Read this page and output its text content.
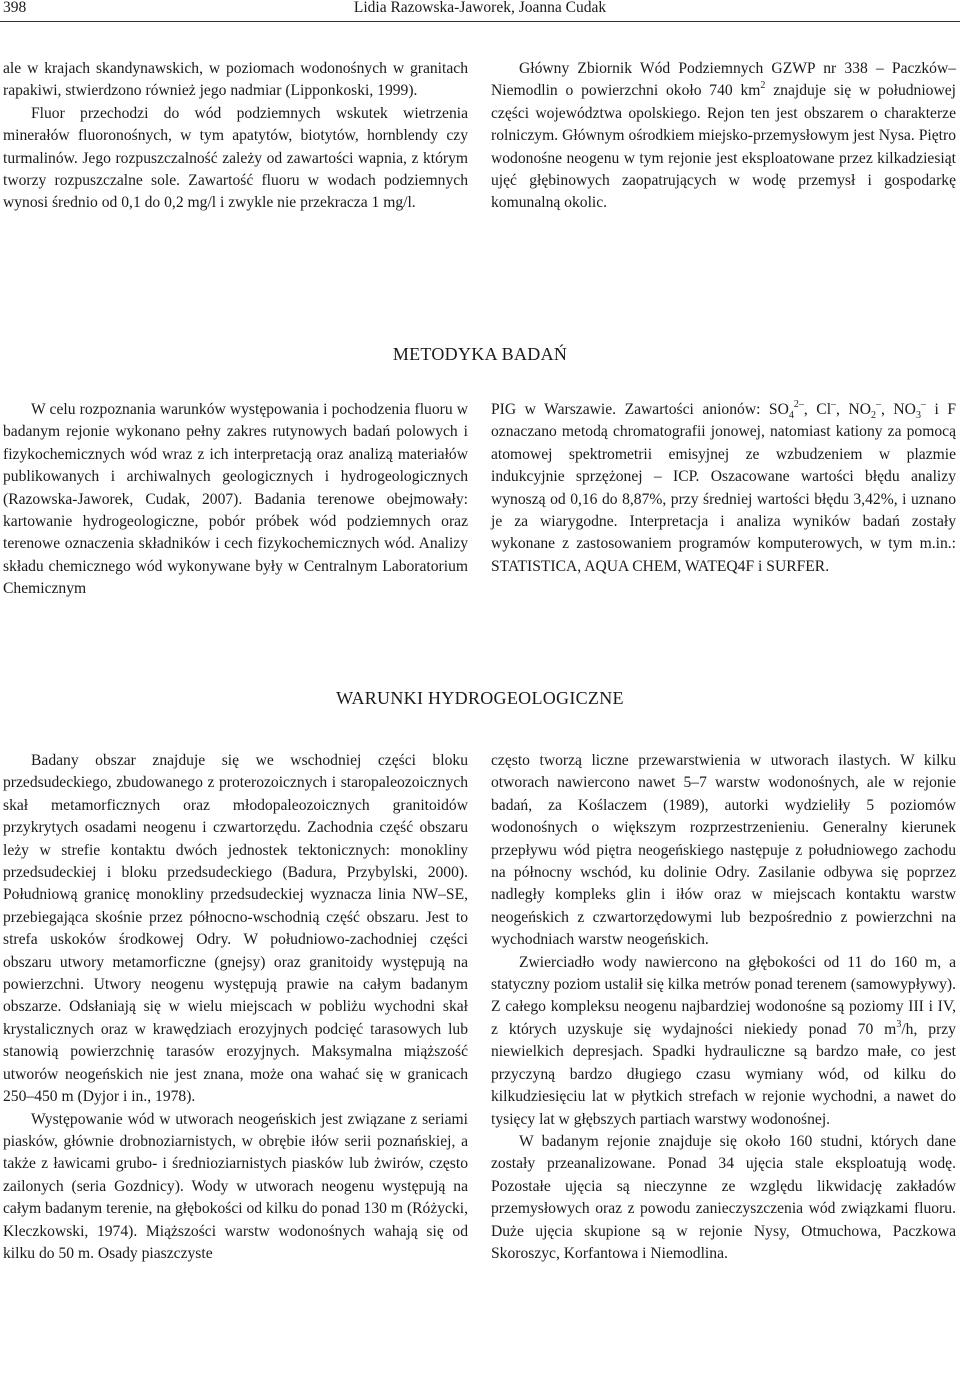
398	Lidia Razowska-Jaworek, Joanna Cudak

ale w krajach skandynawskich, w poziomach wodonośnych w granitach rapakiwi, stwierdzono również jego nadmiar (Lipponkoski, 1999).

Fluor przechodzi do wód podziemnych wskutek wietrzenia minerałów fluoronośnych, w tym apatytów, biotytów, hornblendy czy turmalinów. Jego rozpuszczalność zależy od zawartości wapnia, z którym tworzy rozpuszczalne sole. Zawartość fluoru w wodach podziemnych wynosi średnio od 0,1 do 0,2 mg/l i zwykle nie przekracza 1 mg/l.

Główny Zbiornik Wód Podziemnych GZWP nr 338 – Paczków–Niemodlin o powierzchni około 740 $km^2$ znajduje się w południowej części województwa opolskiego. Rejon ten jest obszarem o charakterze rolniczym. Głównym ośrodkiem miejsko-przemysłowym jest Nysa. Piętro wodonośne neogenu w tym rejonie jest eksploatowane przez kilkadziesiąt ujęć głębinowych zaopatrujących w wodę przemysł i gospodarkę komunalną okolic.

METODYKA BADAŃ

W celu rozpoznania warunków występowania i pochodzenia fluoru w badanym rejonie wykonano pełny zakres rutynowych badań polowych i fizykochemicznych wód wraz z ich interpretacją oraz analizą materiałów publikowanych i archiwalnych geologicznych i hydrogeologicznych (Razowska-Jaworek, Cudak, 2007). Badania terenowe obejmowały: kartowanie hydrogeologiczne, pobór próbek wód podziemnych oraz terenowe oznaczenia składników i cech fizykochemicznych wód. Analizy składu chemicznego wód wykonywane były w Centralnym Laboratorium Chemicznym

PIG w Warszawie. Zawartości anionów: $SO_4^{2-}$, Cl–, $NO_2^-$, $NO_3^-$ i F oznaczano metodą chromatografii jonowej, natomiast kationy za pomocą atomowej spektrometrii emisyjnej ze wzbudzeniem w plazmie indukcyjnie sprzężonej – ICP. Oszacowane wartości błędu analizy wynoszą od 0,16 do 8,87%, przy średniej wartości błędu 3,42%, i uznano je za wiarygodne. Interpretacja i analiza wyników badań zostały wykonane z zastosowaniem programów komputerowych, w tym m.in.: STATISTICA, AQUA CHEM, WATEQ4F i SURFER.

WARUNKI HYDROGEOLOGICZNE

Badany obszar znajduje się we wschodniej części bloku przedsudeckiego, zbudowanego z proterozoicznych i staropaleozoicznych skał metamorficznych oraz młodopaleozoicznych granitoidów przykrytych osadami neogenu i czwartorzędu. Zachodnia część obszaru leży w strefie kontaktu dwóch jednostek tektonicznych: monokliny przedsudeckiej i bloku przedsudeckiego (Badura, Przybylski, 2000). Południową granicę monokliny przedsudeckiej wyznacza linia NW–SE, przebiegająca skośnie przez północno-wschodnią część obszaru. Jest to strefa uskoków środkowej Odry. W południowo-zachodniej części obszaru utwory metamorficzne (gnejsy) oraz granitoidy występują na powierzchni. Utwory neogenu występują prawie na całym badanym obszarze. Odsłaniają się w wielu miejscach w pobliżu wychodni skał krystalicznych oraz w krawędziach erozyjnych podcięć tarasowych lub stanowią powierzchnię tarasów erozyjnych. Maksymalna miąższość utworów neogeńskich nie jest znana, może ona wahać się w granicach 250–450 m (Dyjor i in., 1978).

Występowanie wód w utworach neogeńskich jest związane z seriami piasków, głównie drobnoziarnistych, w obrębie iłów serii poznańskiej, a także z ławicami grubo- i średnioziarnistych piasków lub żwirów, często zailonych (seria Gozdnicy). Wody w utworach neogenu występują na całym badanym terenie, na głębokości od kilku do ponad 130 m (Różycki, Kleczkowski, 1974). Miąższości warstw wodonośnych wahają się od kilku do 50 m. Osady piaszczyste

często tworzą liczne przewarstwienia w utworach ilastych. W kilku otworach nawiercono nawet 5–7 warstw wodonośnych, ale w rejonie badań, za Koślaczem (1989), autorki wydzieliły 5 poziomów wodonośnych o większym rozprzestrzenieniu. Generalny kierunek przepływu wód piętra neogeńskiego następuje z południowego zachodu na północny wschód, ku dolinie Odry. Zasilanie odbywa się poprzez nadległy kompleks glin i iłów oraz w miejscach kontaktu warstw neogeńskich z czwartorzędowymi lub bezpośrednio z powierzchni na wychodniach warstw neogeńskich.

Zwierciadło wody nawiercono na głębokości od 11 do 160 m, a statyczny poziom ustalił się kilka metrów ponad terenem (samowypływy). Z całego kompleksu neogenu najbardziej wodonośne są poziomy III i IV, z których uzyskuje się wydajności niekiedy ponad 70 $m^3/h$, przy niewielkich depresjach. Spadki hydrauliczne są bardzo małe, co jest przyczyną bardzo długiego czasu wymiany wód, od kilku do kilkudziesięciu lat w płytkich strefach w rejonie wychodni, a nawet do tysięcy lat w głębszych partiach warstwy wodonośnej.

W badanym rejonie znajduje się około 160 studni, których dane zostały przeanalizowane. Ponad 34 ujęcia stale eksploatują wodę. Pozostałe ujęcia są nieczynne ze względu likwidację zakładów przemysłowych oraz z powodu zanieczyszczenia wód związkami fluoru. Duże ujęcia skupione są w rejonie Nysy, Otmuchowa, Paczkowa Skoroszyc, Korfantowa i Niemodlina.
